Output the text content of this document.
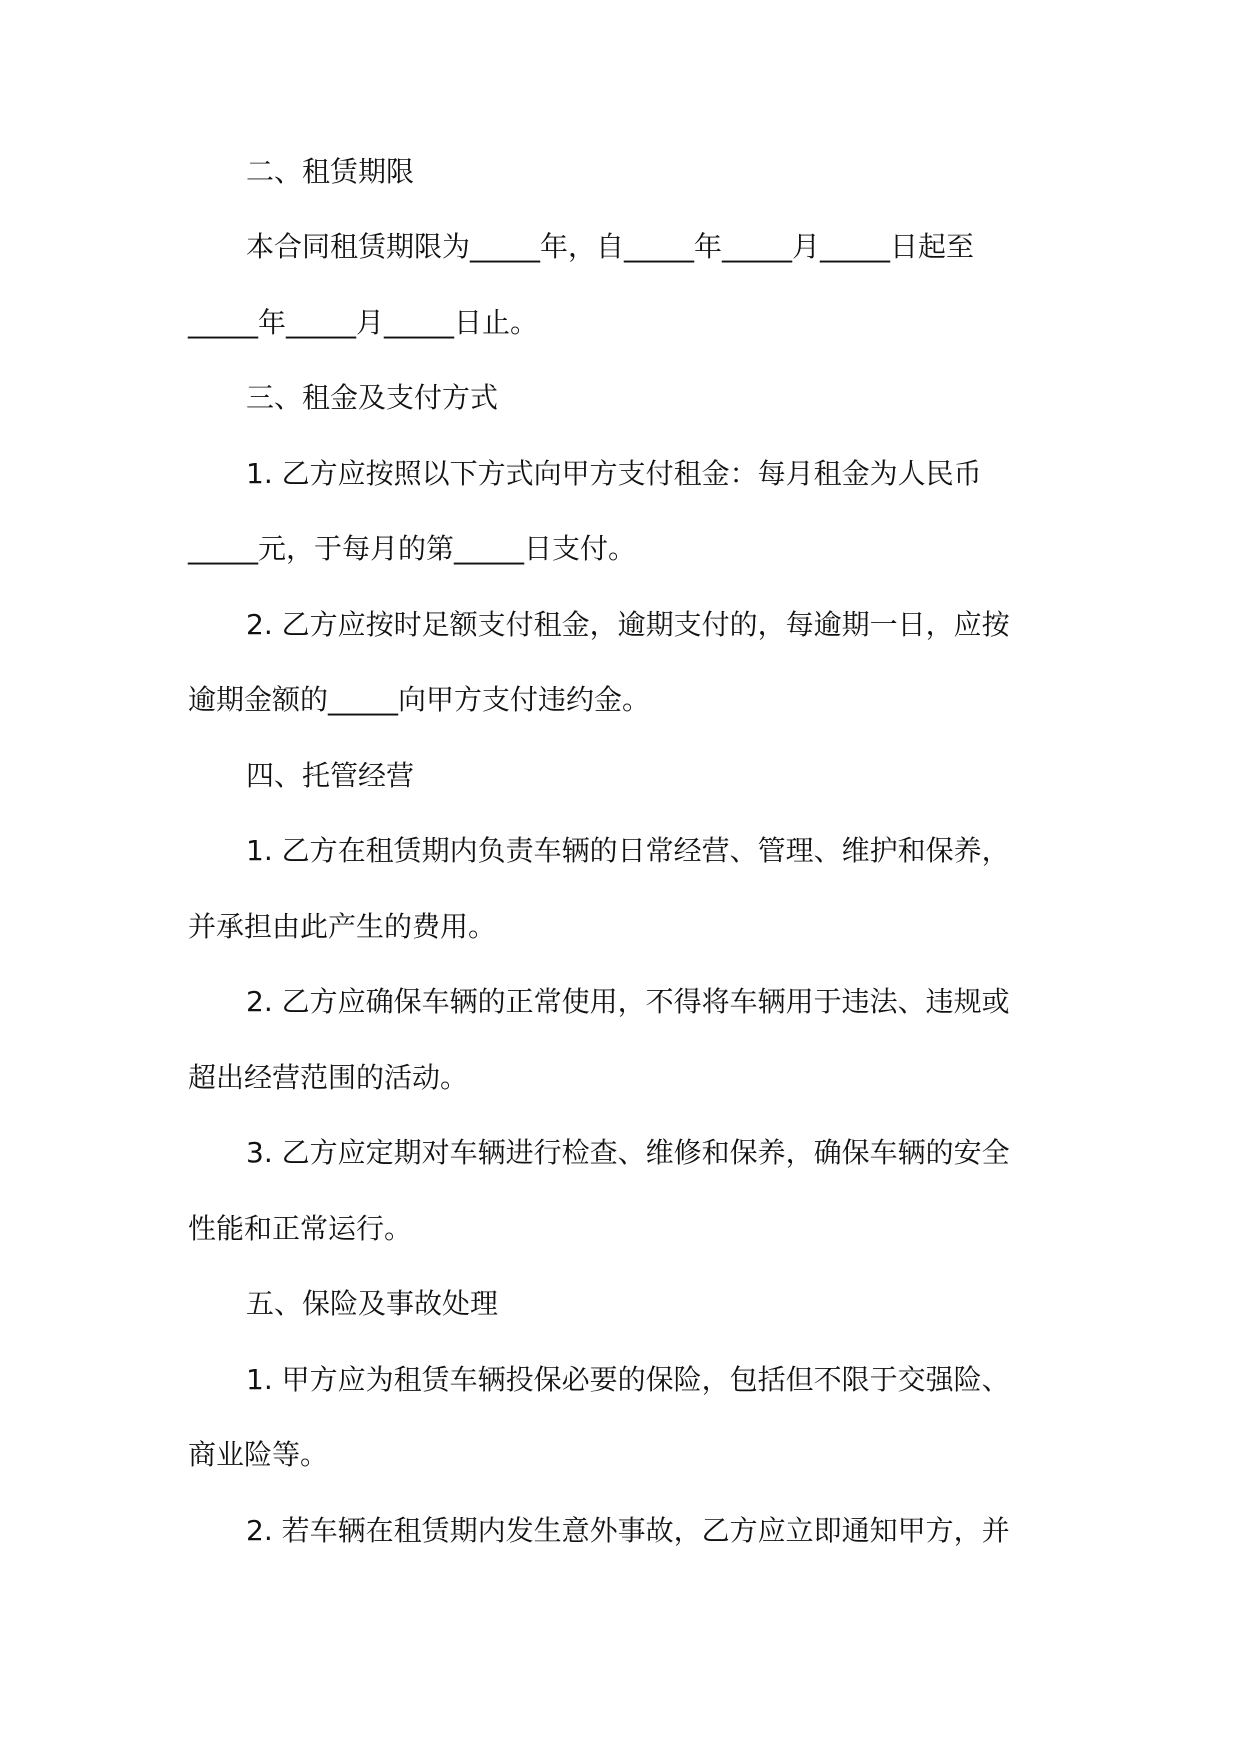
二、租赁期限
本合同租赁期限为_____年，自_____年_____月_____日起至
_____年_____月_____日止。
三、租金及支付方式
1. 乙方应按照以下方式向甲方支付租金：每月租金为人民币
_____元，于每月的第_____日支付。
2. 乙方应按时足额支付租金，逾期支付的，每逾期一日，应按
逾期金额的_____向甲方支付违约金。
四、托管经营
1. 乙方在租赁期内负责车辆的日常经营、管理、维护和保养，
并承担由此产生的费用。
2. 乙方应确保车辆的正常使用，不得将车辆用于违法、违规或
超出经营范围的活动。
3. 乙方应定期对车辆进行检查、维修和保养，确保车辆的安全
性能和正常运行。
五、保险及事故处理
1. 甲方应为租赁车辆投保必要的保险，包括但不限于交强险、
商业险等。
2. 若车辆在租赁期内发生意外事故，乙方应立即通知甲方，并
